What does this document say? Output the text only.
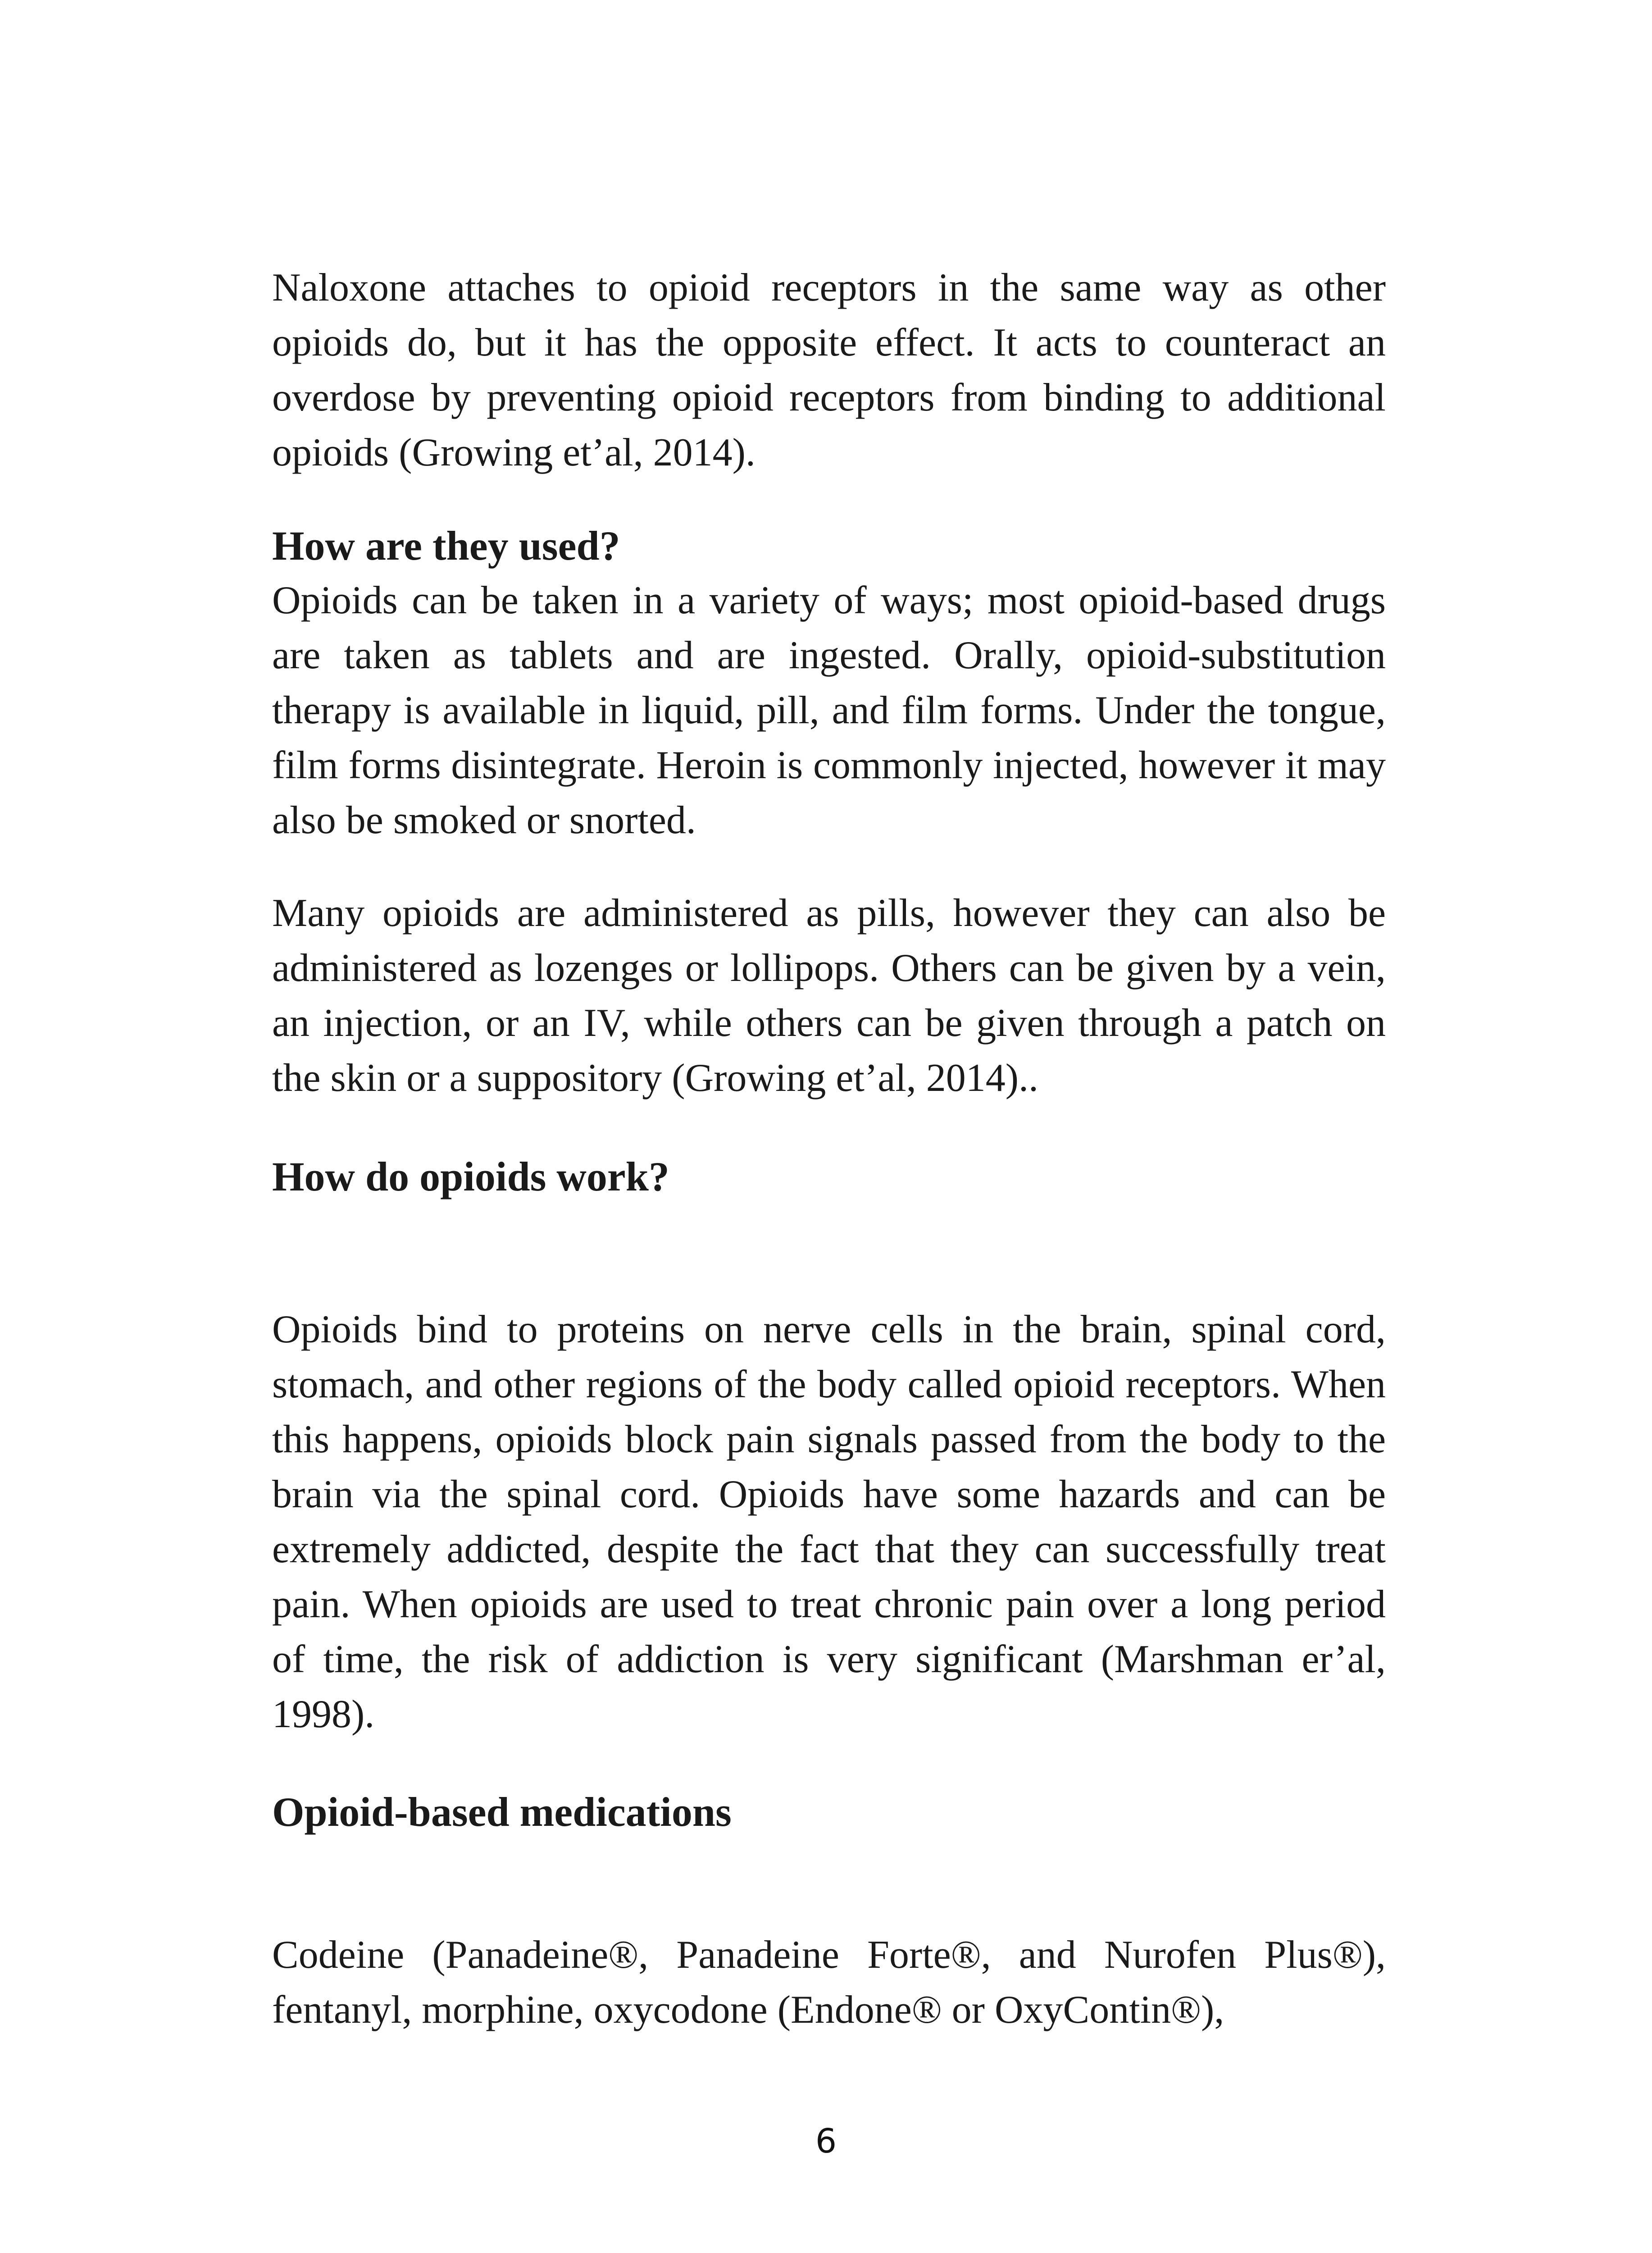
Naloxone attaches to opioid receptors in the same way as other opioids do, but it has the opposite effect. It acts to counteract an overdose by preventing opioid receptors from binding to additional opioids (Growing et’al, 2014).

How are they used?

Opioids can be taken in a variety of ways; most opioid-based drugs are taken as tablets and are ingested. Orally, opioid-substitution therapy is available in liquid, pill, and film forms. Under the tongue, film forms disintegrate. Heroin is commonly injected, however it may also be smoked or snorted.

Many opioids are administered as pills, however they can also be administered as lozenges or lollipops. Others can be given by a vein, an injection, or an IV, while others can be given through a patch on the skin or a suppository (Growing et’al, 2014)..

How do opioids work?

Opioids bind to proteins on nerve cells in the brain, spinal cord, stomach, and other regions of the body called opioid receptors. When this happens, opioids block pain signals passed from the body to the brain via the spinal cord. Opioids have some hazards and can be extremely addicted, despite the fact that they can successfully treat pain. When opioids are used to treat chronic pain over a long period of time, the risk of addiction is very significant (Marshman er’al, 1998).

Opioid-based medications

Codeine (Panadeine®, Panadeine Forte®, and Nurofen Plus®), fentanyl, morphine, oxycodone (Endone® or OxyContin®),

6
